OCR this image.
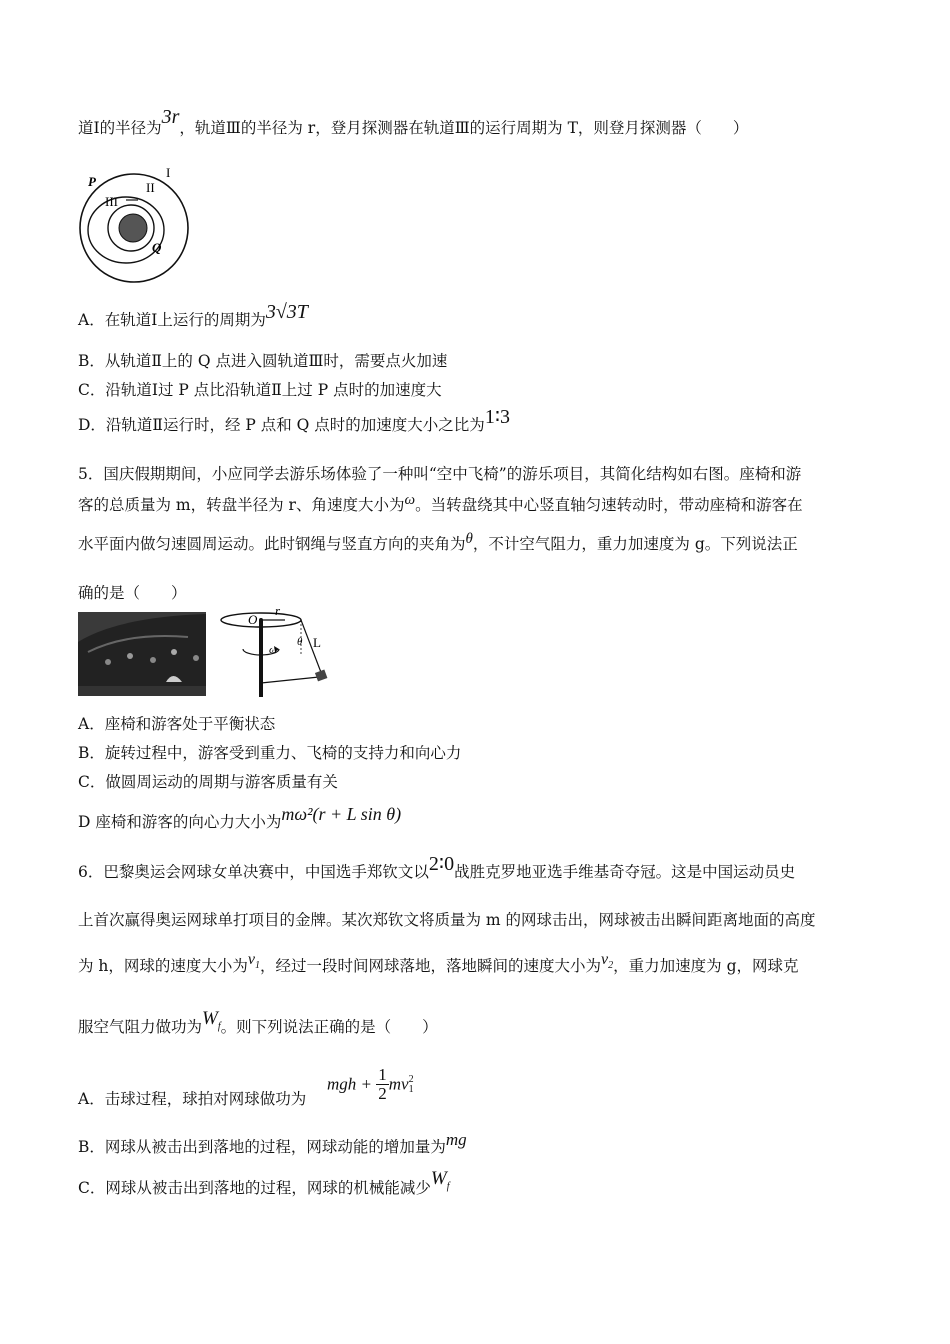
道Ⅰ的半径为3r，轨道Ⅲ的半径为 r，登月探测器在轨道Ⅲ的运行周期为 T，则登月探测器（　　）
P
I
II
III
Q
A．在轨道Ⅰ上运行的周期为3√3T
B．从轨道Ⅱ上的 Q 点进入圆轨道Ⅲ时，需要点火加速
C．沿轨道Ⅰ过 P 点比沿轨道Ⅱ上过 P 点时的加速度大
D．沿轨道Ⅱ运行时，经 P 点和 Q 点时的加速度大小之比为1∶3
5．国庆假期期间，小应同学去游乐场体验了一种叫“空中飞椅”的游乐项目，其简化结构如右图。座椅和游
客的总质量为 m，转盘半径为 r、角速度大小为ω。当转盘绕其中心竖直轴匀速转动时，带动座椅和游客在
水平面内做匀速圆周运动。此时钢绳与竖直方向的夹角为θ，不计空气阻力，重力加速度为 g。下列说法正
确的是（　　）
O
r
ω
θ L
A．座椅和游客处于平衡状态
B．旋转过程中，游客受到重力、飞椅的支持力和向心力
C．做圆周运动的周期与游客质量有关
D 座椅和游客的向心力大小为mω²(r + L sin θ)
6．巴黎奥运会网球女单决赛中，中国选手郑钦文以2∶0战胜克罗地亚选手维基奇夺冠。这是中国运动员史
上首次赢得奥运网球单打项目的金牌。某次郑钦文将质量为 m 的网球击出，网球被击出瞬间距离地面的高度
为 h，网球的速度大小为$v_1$，经过一段时间网球落地，落地瞬间的速度大小为$v_2$，重力加速度为 g，网球克
服空气阻力做功为$W_f$。则下列说法正确的是（　　）
A．击球过程，球拍对网球做功为
mgh + $\frac{1}{2}$ mv 2
1
B．网球从被击出到落地的过程，网球动能的增加量为mg
C．网球从被击出到落地的过程，网球的机械能减少$W_f$
